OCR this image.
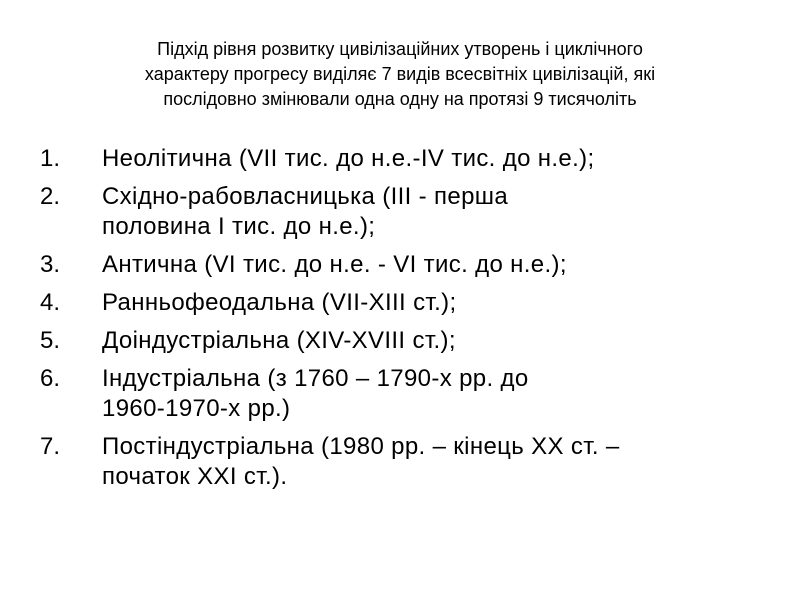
Підхід рівня розвитку цивілізаційних утворень і циклічного
характеру прогресу виділяє 7 видів всесвітніх цивілізацій, які
послідовно змінювали одна одну на протязі 9 тисячоліть
1. Неолітична (VII тис. до н.е.-IV тис. до н.е.);
2. Східно-рабовласницька (III - перша
половина I тис. до н.е.);
3. Антична (VI тис. до н.е. - VI тис. до н.е.);
4. Ранньофеодальна (VII-XIII ст.);
5. Доіндустріальна (XIV-XVIII ст.);
6. Індустріальна (з 1760 – 1790-х рр. до
1960-1970-х рр.)
7. Постіндустріальна (1980 рр. – кінець XX ст. –
початок XXI ст.).
